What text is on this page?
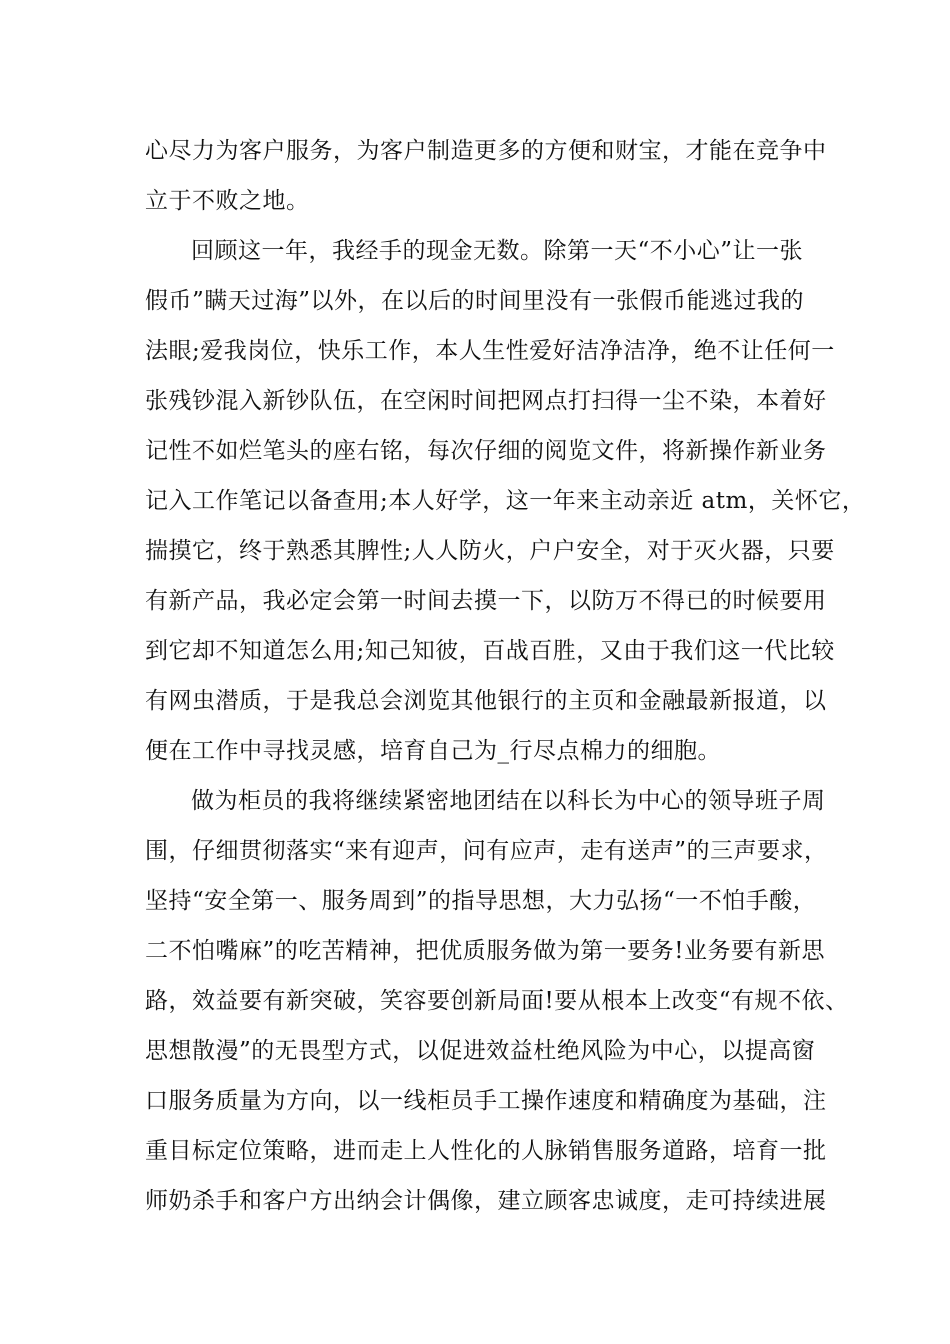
心尽力为客户服务，为客户制造更多的方便和财宝，才能在竞争中
立于不败之地。
回顾这一年，我经手的现金无数。除第一天“不小心”让一张
假币”瞒天过海”以外，在以后的时间里没有一张假币能逃过我的
法眼;爱我岗位，快乐工作，本人生性爱好洁净洁净，绝不让任何一
张残钞混入新钞队伍，在空闲时间把网点打扫得一尘不染，本着好
记性不如烂笔头的座右铭，每次仔细的阅览文件，将新操作新业务
记入工作笔记以备查用;本人好学，这一年来主动亲近 atm，关怀它，
揣摸它，终于熟悉其脾性;人人防火，户户安全，对于灭火器，只要
有新产品，我必定会第一时间去摸一下，以防万不得已的时候要用
到它却不知道怎么用;知己知彼，百战百胜，又由于我们这一代比较
有网虫潜质，于是我总会浏览其他银行的主页和金融最新报道，以
便在工作中寻找灵感，培育自己为_行尽点棉力的细胞。
做为柜员的我将继续紧密地团结在以科长为中心的领导班子周
围，仔细贯彻落实“来有迎声，问有应声，走有送声”的三声要求，
坚持“安全第一、服务周到”的指导思想，大力弘扬“一不怕手酸，
二不怕嘴麻”的吃苦精神，把优质服务做为第一要务!业务要有新思
路，效益要有新突破，笑容要创新局面!要从根本上改变“有规不依、
思想散漫”的无畏型方式，以促进效益杜绝风险为中心，以提高窗
口服务质量为方向，以一线柜员手工操作速度和精确度为基础，注
重目标定位策略，进而走上人性化的人脉销售服务道路，培育一批
师奶杀手和客户方出纳会计偶像，建立顾客忠诚度，走可持续进展
